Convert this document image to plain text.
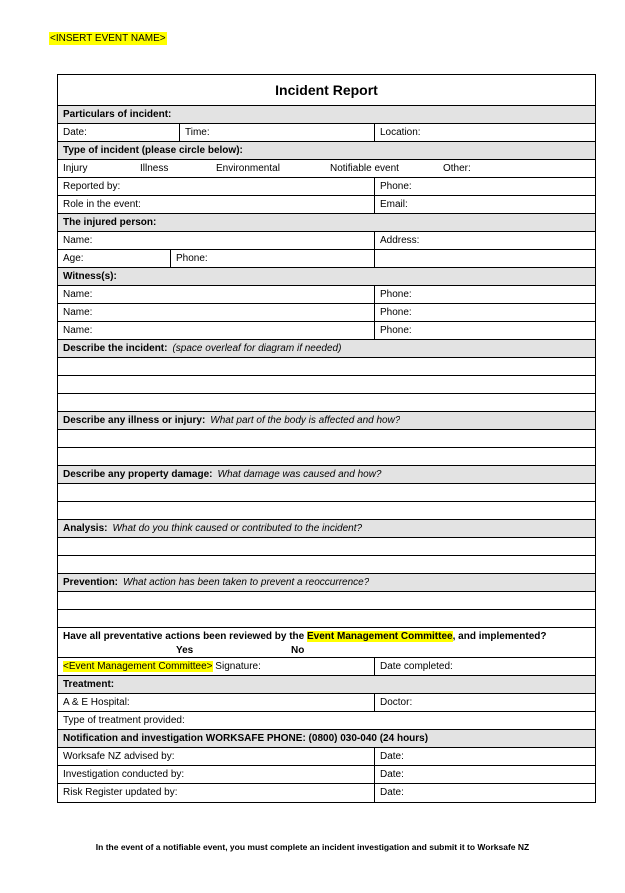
<INSERT EVENT NAME>
Incident Report
Particulars of incident:
Date:	Time:	Location:
Type of incident (please circle below):
Injury	Illness	Environmental	Notifiable event	Other:
Reported by:	Phone:
Role in the event:	Email:
The injured person:
Name:	Address:
Age:	Phone:
Witness(s):
Name:	Phone:
Name:	Phone:
Name:	Phone:
Describe the incident: (space overleaf for diagram if needed)
Describe any illness or injury: What part of the body is affected and how?
Describe any property damage: What damage was caused and how?
Analysis: What do you think caused or contributed to the incident?
Prevention: What action has been taken to prevent a reoccurrence?
Have all preventative actions been reviewed by the Event Management Committee, and implemented?
Yes	No
<Event Management Committee> Signature:	Date completed:
Treatment:
A & E Hospital:	Doctor:
Type of treatment provided:
Notification and investigation WORKSAFE PHONE: (0800) 030-040 (24 hours)
Worksafe NZ advised by:	Date:
Investigation conducted by:	Date:
Risk Register updated by:	Date:
In the event of a notifiable event, you must complete an incident investigation and submit it to Worksafe NZ
